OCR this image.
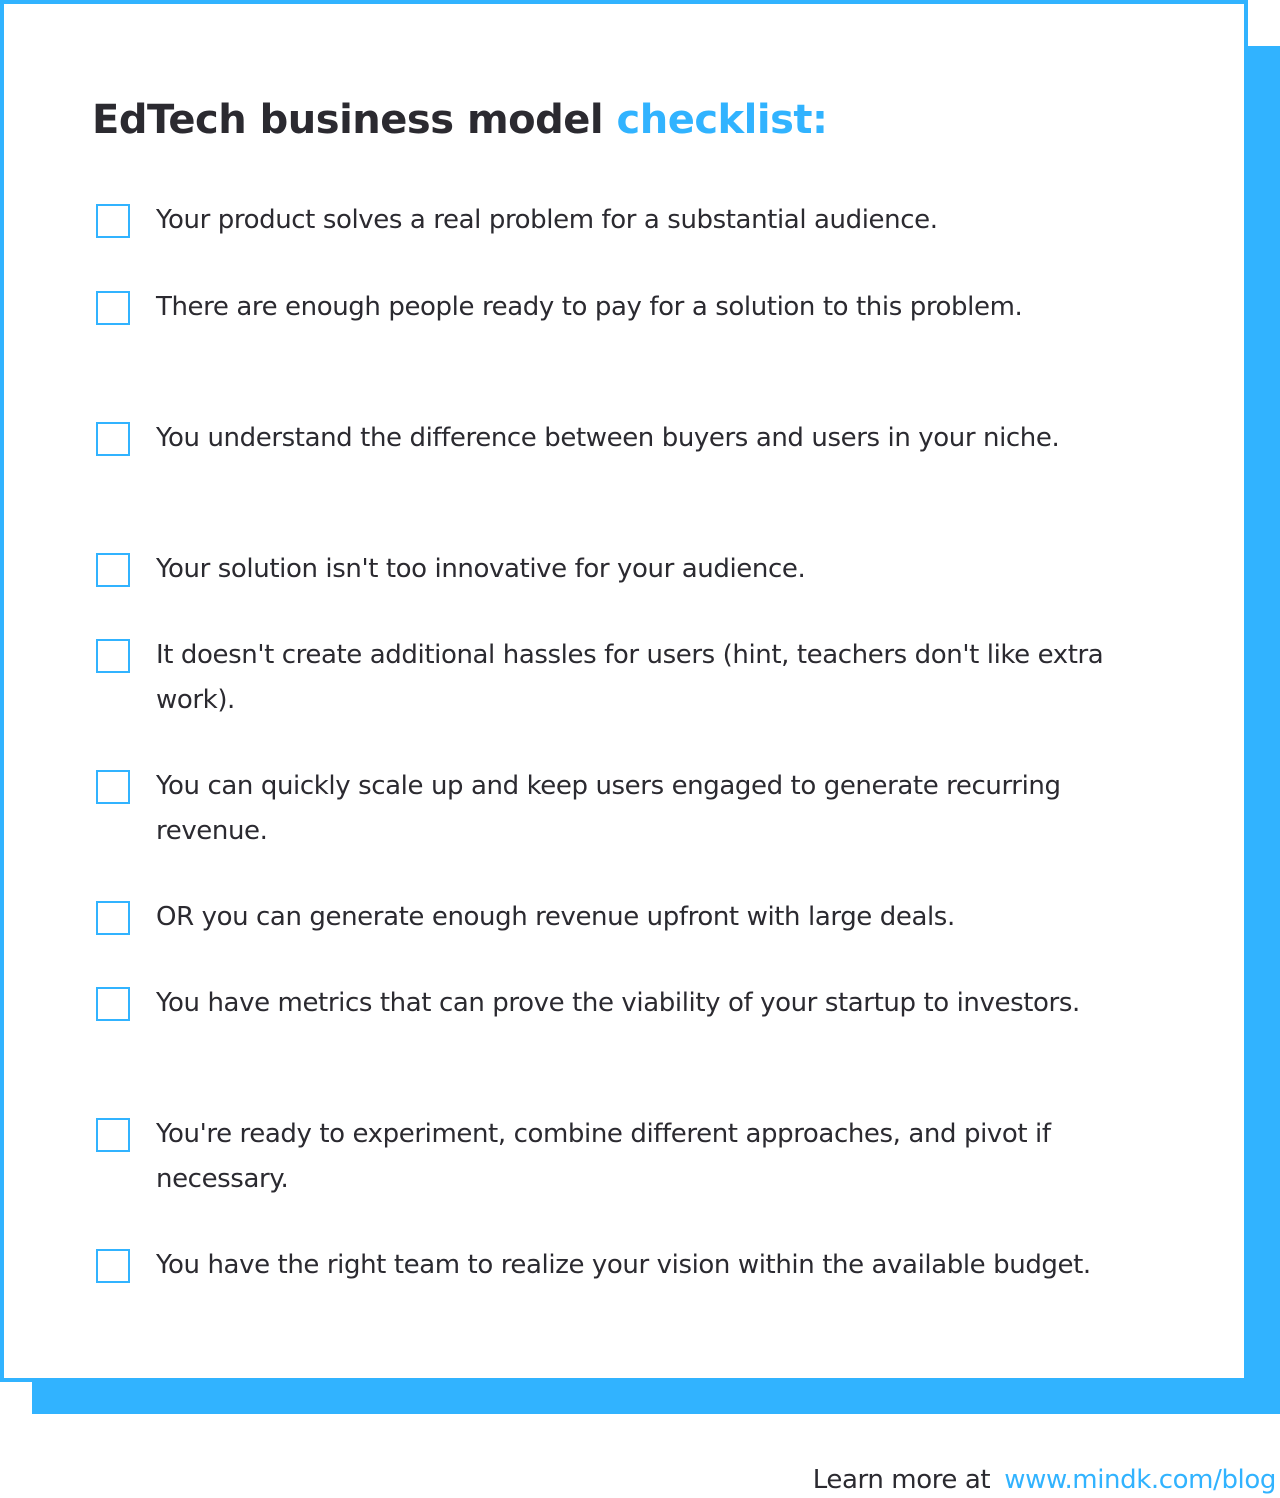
EdTech business model checklist:

Your product solves a real problem for a substantial audience.

There are enough people ready to pay for a solution to this problem.

You understand the difference between buyers and users in your niche.

Your solution isn't too innovative for your audience.

It doesn't create additional hassles for users (hint, teachers don't like extra work).

You can quickly scale up and keep users engaged to generate recurring revenue.

OR you can generate enough revenue upfront with large deals.

You have metrics that can prove the viability of your startup to investors.

You're ready to experiment, combine different approaches, and pivot if necessary.

You have the right team to realize your vision within the available budget.

Learn more at www.mindk.com/blog
